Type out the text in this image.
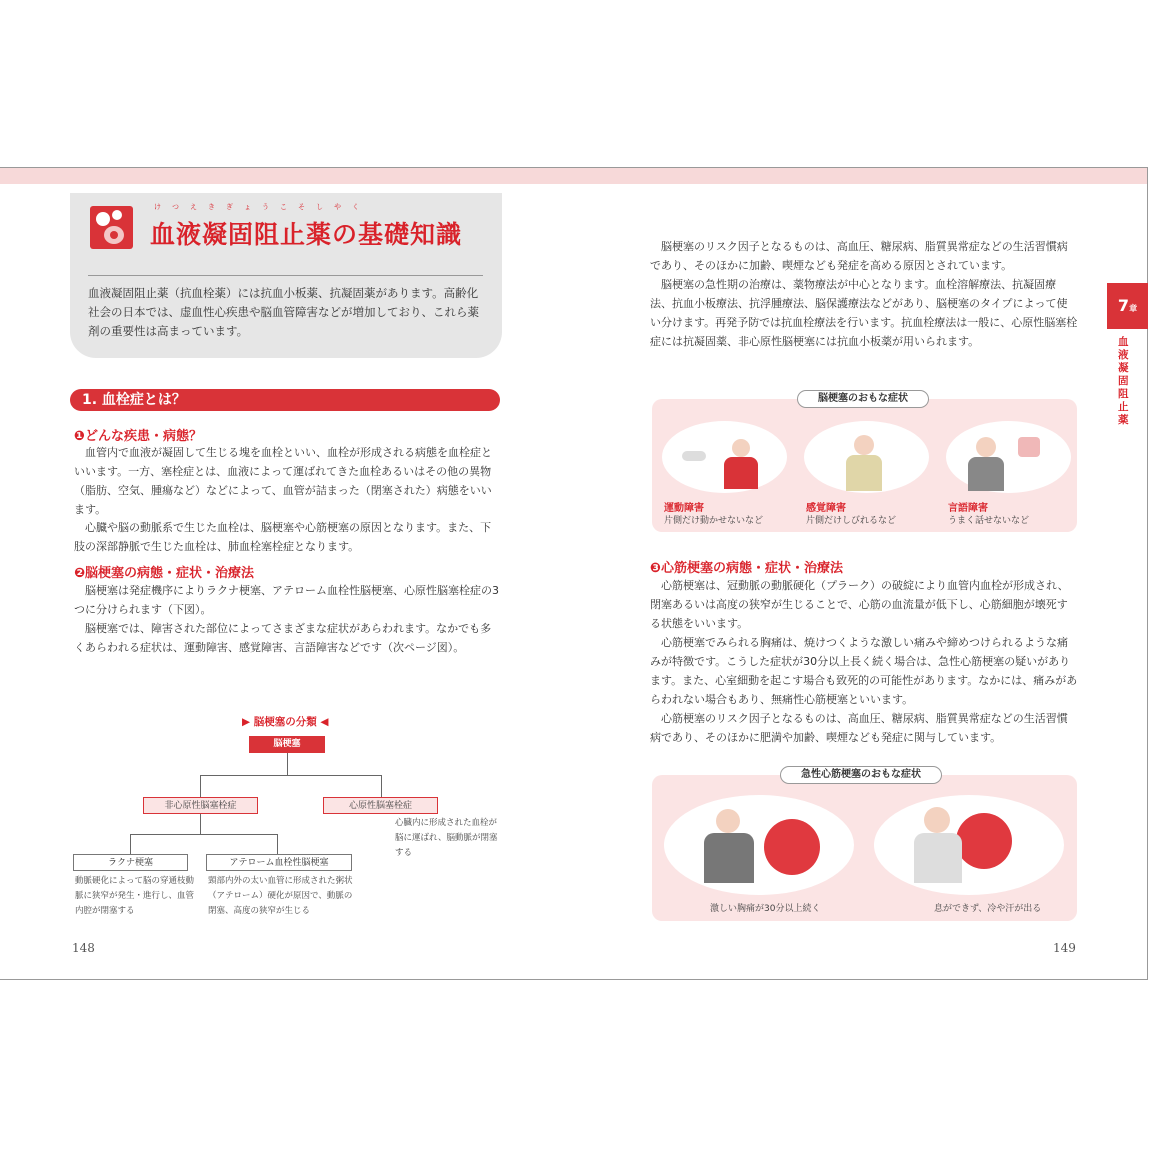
けつえきぎょうこそしやく
血液凝固阻止薬の基礎知識
血液凝固阻止薬（抗血栓薬）には抗血小板薬、抗凝固薬があります。高齢化社会の日本では、虚血性心疾患や脳血管障害などが増加しており、これら薬剤の重要性は高まっています。
1. 血栓症とは？
❶どんな疾患・病態？
血管内で血液が凝固して生じる塊を血栓といい、血栓が形成される病態を血栓症といいます。一方、塞栓症とは、血液によって運ばれてきた血栓あるいはその他の異物（脂肪、空気、腫瘍など）などによって、血管が詰まった（閉塞された）病態をいいます。
心臓や脳の動脈系で生じた血栓は、脳梗塞や心筋梗塞の原因となります。また、下肢の深部静脈で生じた血栓は、肺血栓塞栓症となります。
❷脳梗塞の病態・症状・治療法
脳梗塞は発症機序によりラクナ梗塞、アテローム血栓性脳梗塞、心原性脳塞栓症の3つに分けられます（下図）。
脳梗塞では、障害された部位によってさまざまな症状があらわれます。なかでも多くあらわれる症状は、運動障害、感覚障害、言語障害などです（次ページ図）。
▶ 脳梗塞の分類 ◀
脳梗塞
非心原性脳塞栓症	心原性脳塞栓症
心臓内に形成された血栓が脳に運ばれ、脳動脈が閉塞する
ラクナ梗塞	アテローム血栓性脳梗塞
動脈硬化によって脳の穿通枝動脈に狭窄が発生・進行し、血管内腔が閉塞する
頸部内外の太い血管に形成された粥状（アテローム）硬化が原因で、動脈の閉塞、高度の狭窄が生じる
148
7章
血液凝固阻止薬
脳梗塞のリスク因子となるものは、高血圧、糖尿病、脂質異常症などの生活習慣病であり、そのほかに加齢、喫煙なども発症を高める原因とされています。
脳梗塞の急性期の治療は、薬物療法が中心となります。血栓溶解療法、抗凝固療法、抗血小板療法、抗浮腫療法、脳保護療法などがあり、脳梗塞のタイプによって使い分けます。再発予防では抗血栓療法を行います。抗血栓療法は一般に、心原性脳塞栓症には抗凝固薬、非心原性脳梗塞には抗血小板薬が用いられます。
脳梗塞のおもな症状
運動障害
片側だけ動かせないなど
感覚障害
片側だけしびれるなど
言語障害
うまく話せないなど
❸心筋梗塞の病態・症状・治療法
心筋梗塞は、冠動脈の動脈硬化（プラーク）の破綻により血管内血栓が形成され、閉塞あるいは高度の狭窄が生じることで、心筋の血流量が低下し、心筋細胞が壊死する状態をいいます。
心筋梗塞でみられる胸痛は、焼けつくような激しい痛みや締めつけられるような痛みが特徴です。こうした症状が30分以上長く続く場合は、急性心筋梗塞の疑いがあります。また、心室細動を起こす場合も致死的の可能性があります。なかには、痛みがあらわれない場合もあり、無痛性心筋梗塞といいます。
心筋梗塞のリスク因子となるものは、高血圧、糖尿病、脂質異常症などの生活習慣病であり、そのほかに肥満や加齢、喫煙なども発症に関与しています。
急性心筋梗塞のおもな症状
激しい胸痛が30分以上続く	息ができず、冷や汗が出る
149
